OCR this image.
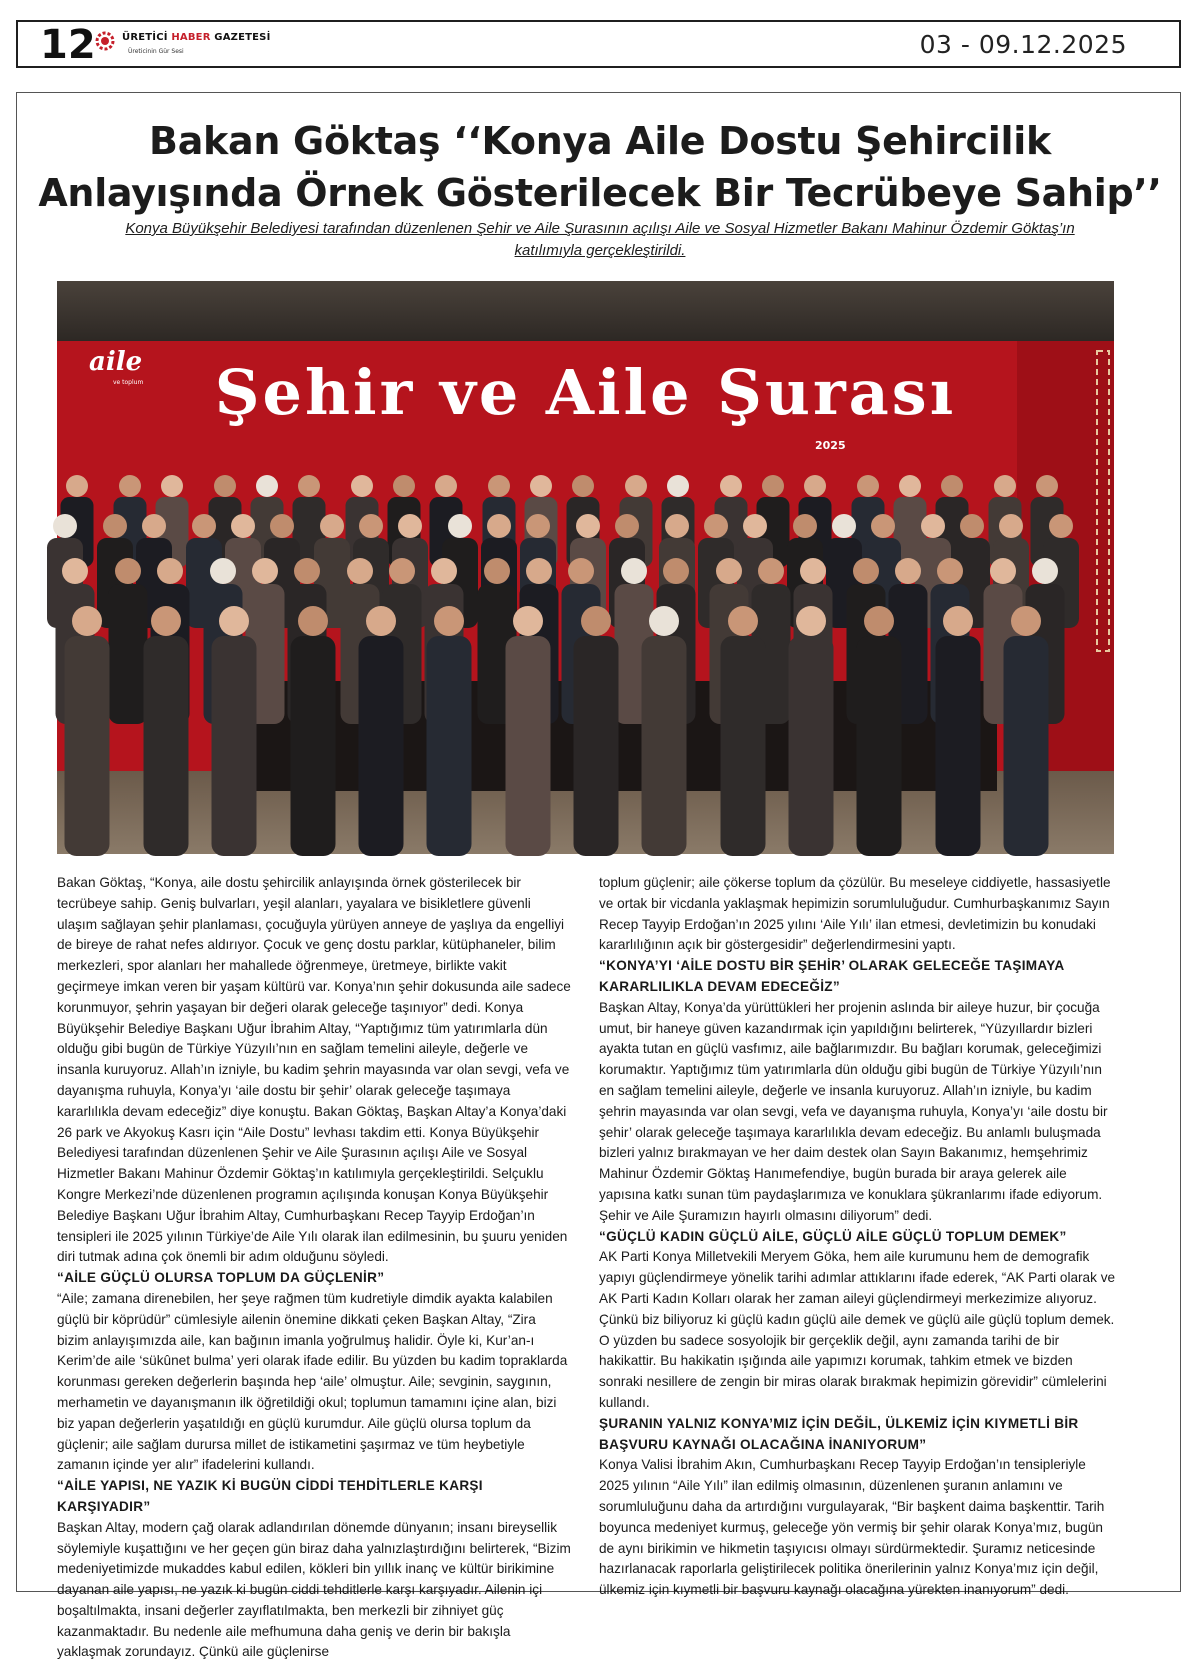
12	ÜRETİCİ HABER GAZETESİ
Üreticinin Gür Sesi	03 - 09.12.2025
Bakan Göktaş ‘‘Konya Aile Dostu Şehircilik
Anlayışında Örnek Gösterilecek Bir Tecrübeye Sahip’’
Konya Büyükşehir Belediyesi tarafından düzenlenen Şehir ve Aile Şurasının açılışı Aile ve Sosyal Hizmetler Bakanı Mahinur Özdemir Göktaş’ın katılımıyla gerçekleştirildi.
aile
ve toplum	Şehir ve Aile Şurası
2025

Bakan Göktaş, “Konya, aile dostu şehircilik anlayışında örnek gösterilecek bir tecrübeye sahip. Geniş bulvarları, yeşil alanları, yayalara ve bisikletlere güvenli ulaşım sağlayan şehir planlaması, çocuğuyla yürüyen anneye de yaşlıya da engelliyi de bireye de rahat nefes aldırıyor. Çocuk ve genç dostu parklar, kütüphaneler, bilim merkezleri, spor alanları her mahallede öğrenmeye, üretmeye, birlikte vakit geçirmeye imkan veren bir yaşam kültürü var. Konya’nın şehir dokusunda aile sadece korunmuyor, şehrin yaşayan bir değeri olarak geleceğe taşınıyor” dedi. Konya Büyükşehir Belediye Başkanı Uğur İbrahim Altay, “Yaptığımız tüm yatırımlarla dün olduğu gibi bugün de Türkiye Yüzyılı’nın en sağlam temelini aileyle, değerle ve insanla kuruyoruz. Allah’ın izniyle, bu kadim şehrin mayasında var olan sevgi, vefa ve dayanışma ruhuyla, Konya’yı ‘aile dostu bir şehir’ olarak geleceğe taşımaya kararlılıkla devam edeceğiz” diye konuştu. Bakan Göktaş, Başkan Altay’a Konya’daki 26 park ve Akyokuş Kasrı için “Aile Dostu” levhası takdim etti. Konya Büyükşehir Belediyesi tarafından düzenlenen Şehir ve Aile Şurasının açılışı Aile ve Sosyal Hizmetler Bakanı Mahinur Özdemir Göktaş’ın katılımıyla gerçekleştirildi. Selçuklu Kongre Merkezi’nde düzenlenen programın açılışında konuşan Konya Büyükşehir Belediye Başkanı Uğur İbrahim Altay, Cumhurbaşkanı Recep Tayyip Erdoğan’ın tensipleri ile 2025 yılının Türkiye’de Aile Yılı olarak ilan edilmesinin, bu şuuru yeniden diri tutmak adına çok önemli bir adım olduğunu söyledi.

“AİLE GÜÇLÜ OLURSA TOPLUM DA GÜÇLENİR”

“Aile; zamana direnebilen, her şeye rağmen tüm kudretiyle dimdik ayakta kalabilen güçlü bir köprüdür” cümlesiyle ailenin önemine dikkati çeken Başkan Altay, “Zira bizim anlayışımızda aile, kan bağının imanla yoğrulmuş halidir. Öyle ki, Kur’an-ı Kerim’de aile ‘sükûnet bulma’ yeri olarak ifade edilir. Bu yüzden bu kadim topraklarda korunması gereken değerlerin başında hep ‘aile’ olmuştur. Aile; sevginin, saygının, merhametin ve dayanışmanın ilk öğretildiği okul; toplumun tamamını içine alan, bizi biz yapan değerlerin yaşatıldığı en güçlü kurumdur. Aile güçlü olursa toplum da güçlenir; aile sağlam durursa millet de istikametini şaşırmaz ve tüm heybetiyle zamanın içinde yer alır” ifadelerini kullandı.

“AİLE YAPISI, NE YAZIK Kİ BUGÜN CİDDİ TEHDİTLERLE KARŞI KARŞIYADIR”

Başkan Altay, modern çağ olarak adlandırılan dönemde dünyanın; insanı bireysellik söylemiyle kuşattığını ve her geçen gün biraz daha yalnızlaştırdığını belirterek, “Bizim medeniyetimizde mukaddes kabul edilen, kökleri bin yıllık inanç ve kültür birikimine dayanan aile yapısı, ne yazık ki bugün ciddi tehditlerle karşı karşıyadır. Ailenin içi boşaltılmakta, insani değerler zayıflatılmakta, ben merkezli bir zihniyet güç kazanmaktadır. Bu nedenle aile mefhumuna daha geniş ve derin bir bakışla yaklaşmak zorundayız. Çünkü aile güçlenirse

toplum güçlenir; aile çökerse toplum da çözülür. Bu meseleye ciddiyetle, hassasiyetle ve ortak bir vicdanla yaklaşmak hepimizin sorumluluğudur. Cumhurbaşkanımız Sayın Recep Tayyip Erdoğan’ın 2025 yılını ‘Aile Yılı’ ilan etmesi, devletimizin bu konudaki kararlılığının açık bir göstergesidir” değerlendirmesini yaptı.

“KONYA’YI ‘AİLE DOSTU BİR ŞEHİR’ OLARAK GELECEĞE TAŞIMAYA KARARLILIKLA DEVAM EDECEĞİZ”

Başkan Altay, Konya’da yürüttükleri her projenin aslında bir aileye huzur, bir çocuğa umut, bir haneye güven kazandırmak için yapıldığını belirterek, “Yüzyıllardır bizleri ayakta tutan en güçlü vasfımız, aile bağlarımızdır. Bu bağları korumak, geleceğimizi korumaktır. Yaptığımız tüm yatırımlarla dün olduğu gibi bugün de Türkiye Yüzyılı’nın en sağlam temelini aileyle, değerle ve insanla kuruyoruz. Allah’ın izniyle, bu kadim şehrin mayasında var olan sevgi, vefa ve dayanışma ruhuyla, Konya’yı ‘aile dostu bir şehir’ olarak geleceğe taşımaya kararlılıkla devam edeceğiz. Bu anlamlı buluşmada bizleri yalnız bırakmayan ve her daim destek olan Sayın Bakanımız, hemşehrimiz Mahinur Özdemir Göktaş Hanımefendiye, bugün burada bir araya gelerek aile yapısına katkı sunan tüm paydaşlarımıza ve konuklara şükranlarımı ifade ediyorum. Şehir ve Aile Şuramızın hayırlı olmasını diliyorum” dedi.

“GÜÇLÜ KADIN GÜÇLÜ AİLE, GÜÇLÜ AİLE GÜÇLÜ TOPLUM DEMEK”

AK Parti Konya Milletvekili Meryem Göka, hem aile kurumunu hem de demografik yapıyı güçlendirmeye yönelik tarihi adımlar attıklarını ifade ederek, “AK Parti olarak ve AK Parti Kadın Kolları olarak her zaman aileyi güçlendirmeyi merkezimize alıyoruz. Çünkü biz biliyoruz ki güçlü kadın güçlü aile demek ve güçlü aile güçlü toplum demek. O yüzden bu sadece sosyolojik bir gerçeklik değil, aynı zamanda tarihi de bir hakikattir. Bu hakikatin ışığında aile yapımızı korumak, tahkim etmek ve bizden sonraki nesillere de zengin bir miras olarak bırakmak hepimizin görevidir” cümlelerini kullandı.

ŞURANIN YALNIZ KONYA’MIZ İÇİN DEĞİL, ÜLKEMİZ İÇİN KIYMETLİ BİR BAŞVURU KAYNAĞI OLACAĞINA İNANIYORUM”

Konya Valisi İbrahim Akın, Cumhurbaşkanı Recep Tayyip Erdoğan’ın tensipleriyle 2025 yılının “Aile Yılı” ilan edilmiş olmasının, düzenlenen şuranın anlamını ve sorumluluğunu daha da artırdığını vurgulayarak, “Bir başkent daima başkenttir. Tarih boyunca medeniyet kurmuş, geleceğe yön vermiş bir şehir olarak Konya’mız, bugün de aynı birikimin ve hikmetin taşıyıcısı olmayı sürdürmektedir. Şuramız neticesinde hazırlanacak raporlarla geliştirilecek politika önerilerinin yalnız Konya’mız için değil, ülkemiz için kıymetli bir başvuru kaynağı olacağına yürekten inanıyorum” dedi.
